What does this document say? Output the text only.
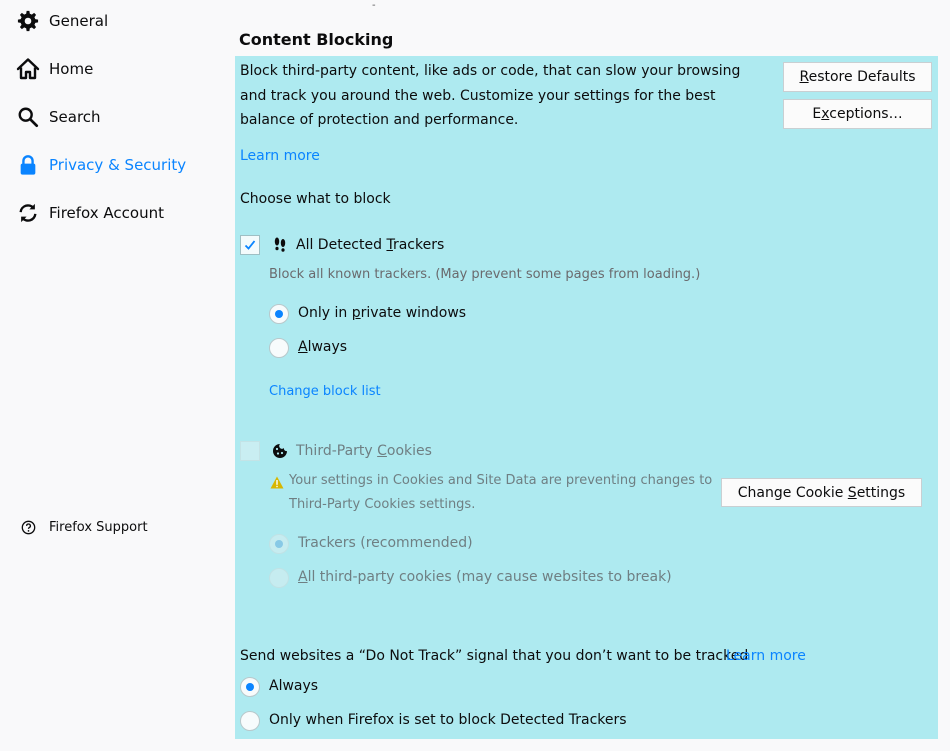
General
Home
Search
Privacy & Security
Firefox Account
Firefox Support
-
Content Blocking
Block third-party content, like ads or code, that can slow your browsing and track you around the web. Customize your settings for the best balance of protection and performance.
Learn more
Restore Defaults
Exceptions…
Choose what to block
All Detected Trackers
Block all known trackers. (May prevent some pages from loading.)
Only in private windows
Always
Change block list
Third-Party Cookies
Your settings in Cookies and Site Data are preventing changes to
Third-Party Cookies settings.
Change Cookie Settings
Trackers (recommended)
All third-party cookies (may cause websites to break)
Send websites a “Do Not Track” signal that you don’t want to be tracked
Learn more
Always
Only when Firefox is set to block Detected Trackers
